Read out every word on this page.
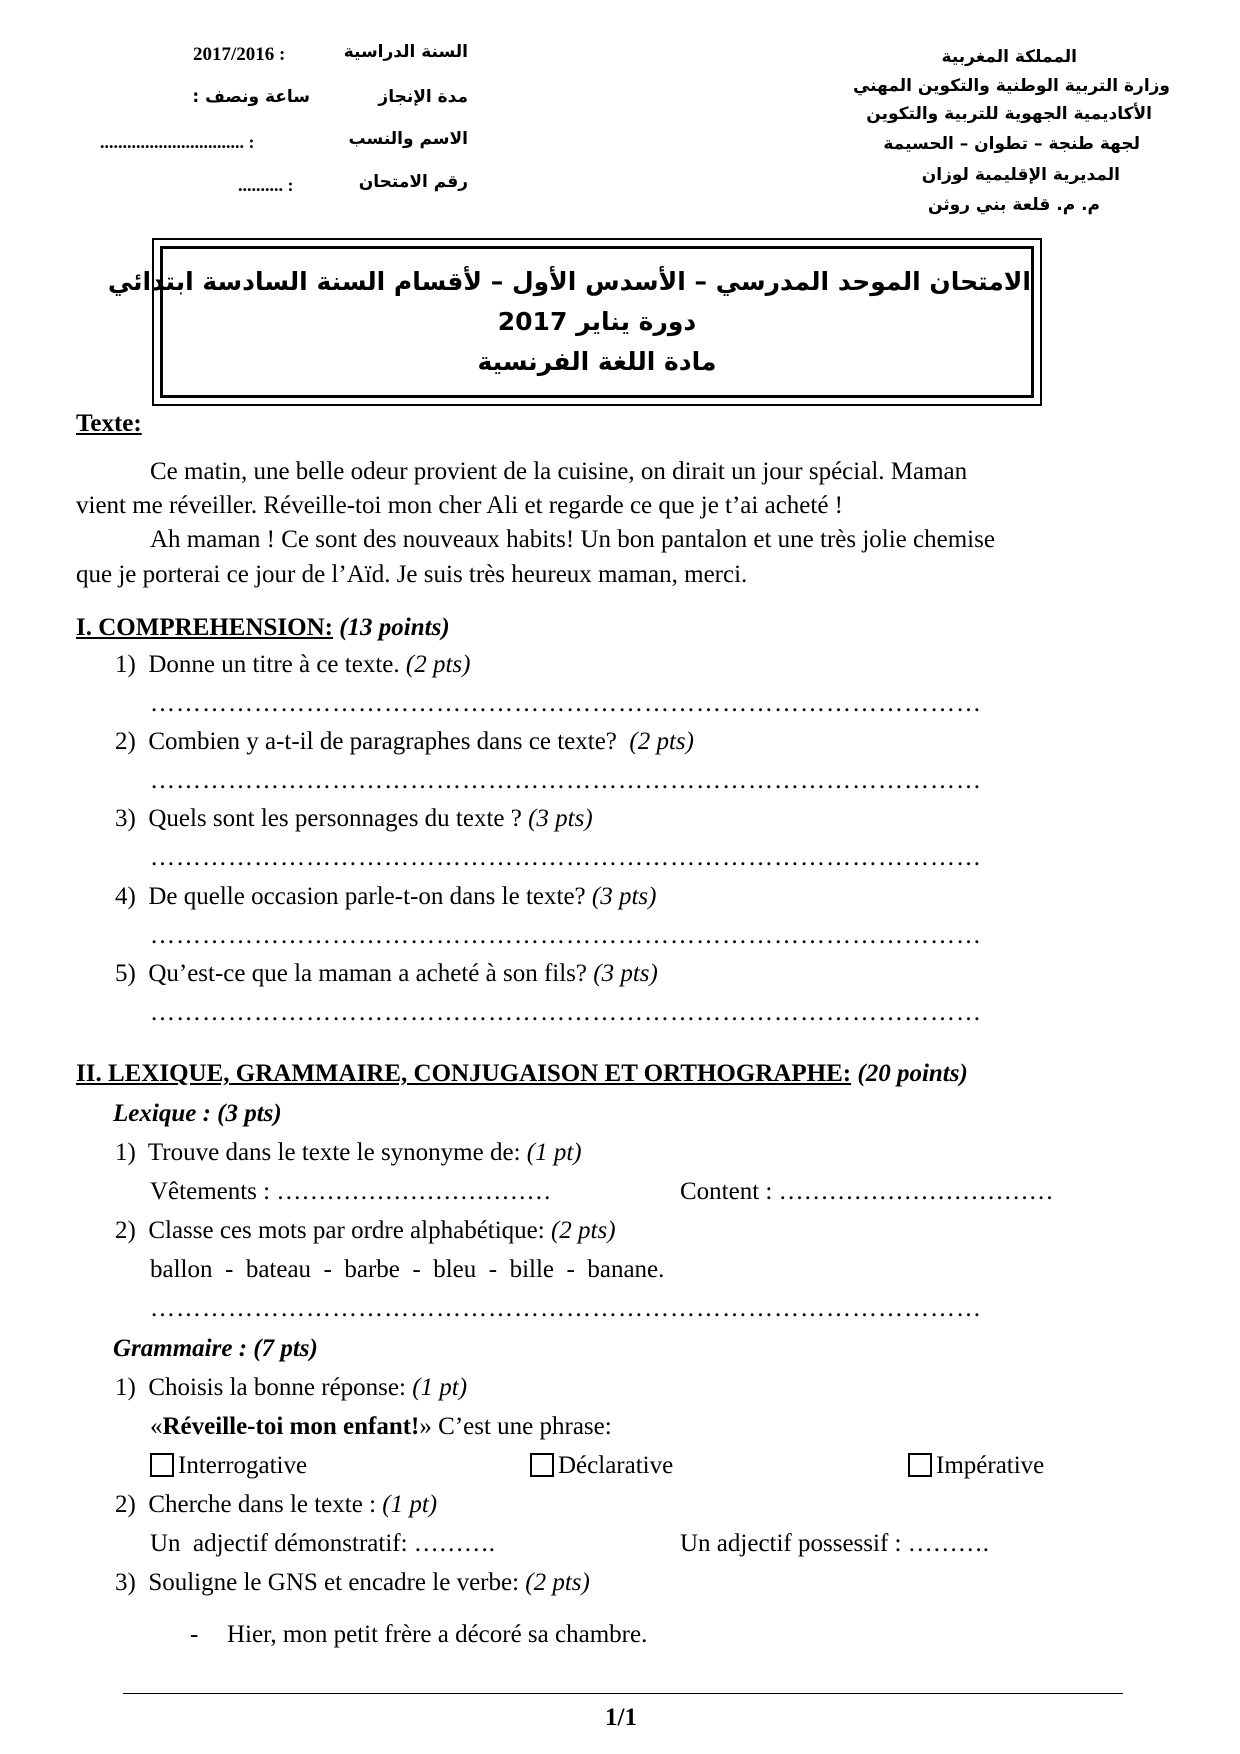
المملكة المغربية
وزارة التربية الوطنية والتكوين المهني
الأكاديمية الجهوية للتربية والتكوين
لجهة طنجة – تطوان – الحسيمة
المديرية الإقليمية لوزان
م. م. قلعة بني روثن
السنة الدراسية
2017/2016 :
مدة الإنجاز
ساعة ونصف :
الاسم والنسب
................................ :
رقم الامتحان
.......... :
الامتحان الموحد المدرسي – الأسدس الأول – لأقسام السنة السادسة ابتدائي
دورة يناير 2017
مادة اللغة الفرنسية
Texte:
Ce matin, une belle odeur provient de la cuisine, on dirait un jour spécial. Maman
vient me réveiller. Réveille-toi mon cher Ali et regarde ce que je t’ai acheté !
Ah maman ! Ce sont des nouveaux habits! Un bon pantalon et une très jolie chemise
que je porterai ce jour de l’Aïd. Je suis très heureux maman, merci.
I. COMPREHENSION: (13 points)
1) Donne un titre à ce texte. (2 pts)
……………………………………………………………………………………
2) Combien y a-t-il de paragraphes dans ce texte? (2 pts)
……………………………………………………………………………………
3) Quels sont les personnages du texte ? (3 pts)
……………………………………………………………………………………
4) De quelle occasion parle-t-on dans le texte? (3 pts)
……………………………………………………………………………………
5) Qu’est-ce que la maman a acheté à son fils? (3 pts)
……………………………………………………………………………………
II. LEXIQUE, GRAMMAIRE, CONJUGAISON ET ORTHOGRAPHE: (20 points)
Lexique : (3 pts)
1) Trouve dans le texte le synonyme de: (1 pt)
Vêtements : ……………………………	Content : ……………………………
2) Classe ces mots par ordre alphabétique: (2 pts)
ballon  -  bateau  -  barbe  -  bleu  -  bille  -  banane.
……………………………………………………………………………………
Grammaire : (7 pts)
1) Choisis la bonne réponse: (1 pt)
«Réveille-toi mon enfant!» C’est une phrase:
Interrogative	Déclarative	Impérative
2) Cherche dans le texte : (1 pt)
Un  adjectif démonstratif: ……….	Un adjectif possessif : ……….
3) Souligne le GNS et encadre le verbe: (2 pts)
- Hier, mon petit frère a décoré sa chambre.
1/1
